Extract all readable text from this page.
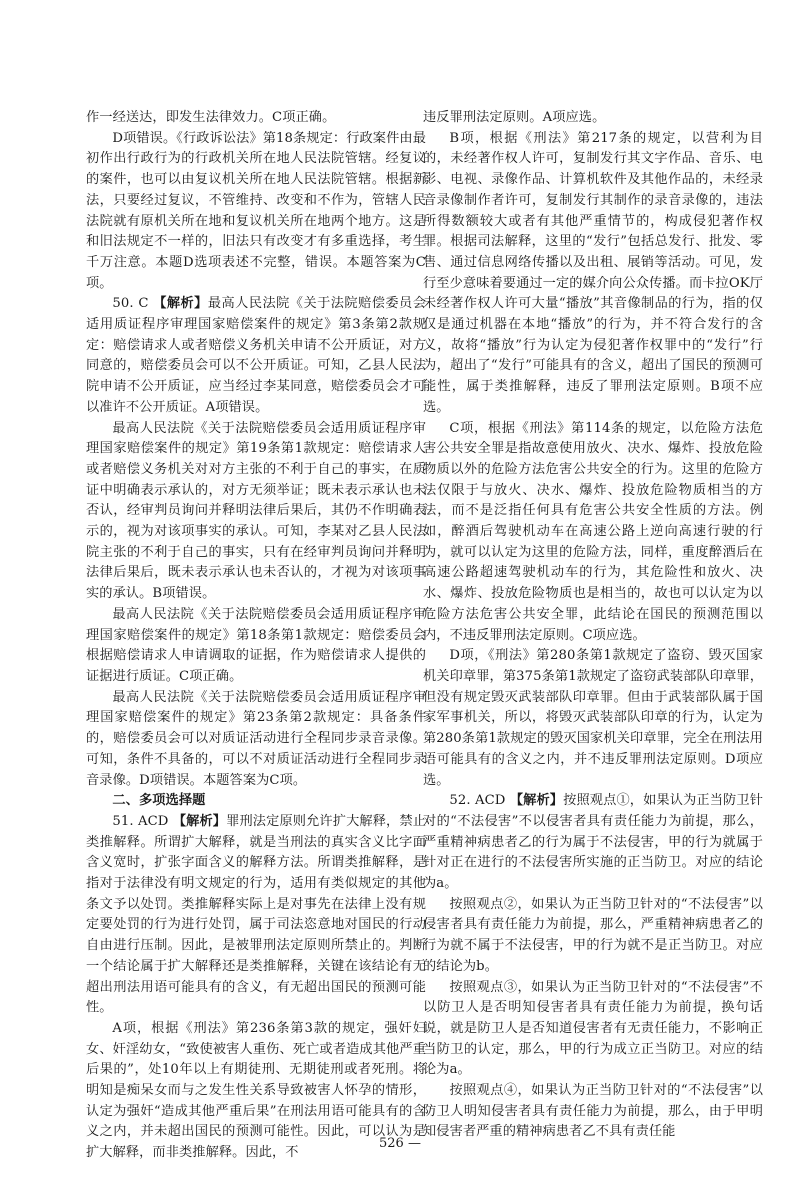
作一经送达，即发生法律效力。C项正确。

D项错误。《行政诉讼法》第18条规定：行政案件由最初作出行政行为的行政机关所在地人民法院管辖。经复议的案件，也可以由复议机关所在地人民法院管辖。根据新法，只要经过复议，不管维持、改变和不作为，管辖人民法院就有原机关所在地和复议机关所在地两个地方。这是和旧法规定不一样的，旧法只有改变才有多重选择，考生千万注意。本题D选项表述不完整，错误。本题答案为C项。

50. C 【解析】最高人民法院《关于法院赔偿委员会适用质证程序审理国家赔偿案件的规定》第3条第2款规定：赔偿请求人或者赔偿义务机关申请不公开质证，对方同意的，赔偿委员会可以不公开质证。可知，乙县人民法院申请不公开质证，应当经过李某同意，赔偿委员会才可以准许不公开质证。A项错误。

最高人民法院《关于法院赔偿委员会适用质证程序审理国家赔偿案件的规定》第19条第1款规定：赔偿请求人或者赔偿义务机关对对方主张的不利于自己的事实，在质证中明确表示承认的，对方无须举证；既未表示承认也未否认，经审判员询问并释明法律后果后，其仍不作明确表示的，视为对该项事实的承认。可知，李某对乙县人民法院主张的不利于自己的事实，只有在经审判员询问并释明法律后果后，既未表示承认也未否认的，才视为对该项事实的承认。B项错误。

最高人民法院《关于法院赔偿委员会适用质证程序审理国家赔偿案件的规定》第18条第1款规定：赔偿委员会根据赔偿请求人申请调取的证据，作为赔偿请求人提供的证据进行质证。C项正确。

最高人民法院《关于法院赔偿委员会适用质证程序审理国家赔偿案件的规定》第23条第2款规定：具备条件的，赔偿委员会可以对质证活动进行全程同步录音录像。可知，条件不具备的，可以不对质证活动进行全程同步录音录像。D项错误。本题答案为C项。

二、多项选择题

51. ACD 【解析】罪刑法定原则允许扩大解释，禁止类推解释。所谓扩大解释，就是当刑法的真实含义比字面含义宽时，扩张字面含义的解释方法。所谓类推解释，是指对于法律没有明文规定的行为，适用有类似规定的其他条文予以处罚。类推解释实际上是对事先在法律上没有规定要处罚的行为进行处罚，属于司法恣意地对国民的行动自由进行压制。因此，是被罪刑法定原则所禁止的。判断一个结论属于扩大解释还是类推解释，关键在该结论有无超出刑法用语可能具有的含义，有无超出国民的预测可能性。

A项，根据《刑法》第236条第3款的规定，强奸妇女、奸淫幼女，“致使被害人重伤、死亡或者造成其他严重后果的”，处10年以上有期徒刑、无期徒刑或者死刑。将明知是痴呆女而与之发生性关系导致被害人怀孕的情形，认定为强奸“造成其他严重后果”在刑法用语可能具有的含义之内，并未超出国民的预测可能性。因此，可以认为是扩大解释，而非类推解释。因此，不

违反罪刑法定原则。A项应选。

B项，根据《刑法》第217条的规定，以营利为目的，未经著作权人许可，复制发行其文字作品、音乐、电影、电视、录像作品、计算机软件及其他作品的，未经录音录像制作者许可，复制发行其制作的录音录像的，违法所得数额较大或者有其他严重情节的，构成侵犯著作权罪。根据司法解释，这里的“发行”包括总发行、批发、零售、通过信息网络传播以及出租、展销等活动。可见，发行至少意味着要通过一定的媒介向公众传播。而卡拉OK厅未经著作权人许可大量“播放”其音像制品的行为，指的仅仅是通过机器在本地“播放”的行为，并不符合发行的含义，故将“播放”行为认定为侵犯著作权罪中的“发行”行为，超出了“发行”可能具有的含义，超出了国民的预测可能性，属于类推解释，违反了罪刑法定原则。B项不应选。

C项，根据《刑法》第114条的规定，以危险方法危害公共安全罪是指故意使用放火、决水、爆炸、投放危险物质以外的危险方法危害公共安全的行为。这里的危险方法仅限于与放火、决水、爆炸、投放危险物质相当的方法，而不是泛指任何具有危害公共安全性质的方法。例如，醉酒后驾驶机动车在高速公路上逆向高速行驶的行为，就可以认定为这里的危险方法，同样，重度醉酒后在高速公路超速驾驶机动车的行为，其危险性和放火、决水、爆炸、投放危险物质也是相当的，故也可以认定为以危险方法危害公共安全罪，此结论在国民的预测范围以内，不违反罪刑法定原则。C项应选。

D项，《刑法》第280条第1款规定了盗窃、毁灭国家机关印章罪，第375条第1款规定了盗窃武装部队印章罪，但没有规定毁灭武装部队印章罪。但由于武装部队属于国家军事机关，所以，将毁灭武装部队印章的行为，认定为第280条第1款规定的毁灭国家机关印章罪，完全在刑法用语可能具有的含义之内，并不违反罪刑法定原则。D项应选。

52. ACD 【解析】按照观点①，如果认为正当防卫针对的“不法侵害”不以侵害者具有责任能力为前提，那么，严重精神病患者乙的行为属于不法侵害，甲的行为就属于针对正在进行的不法侵害所实施的正当防卫。对应的结论为a。

按照观点②，如果认为正当防卫针对的“不法侵害”以侵害者具有责任能力为前提，那么，严重精神病患者乙的行为就不属于不法侵害，甲的行为就不是正当防卫。对应的结论为b。

按照观点③，如果认为正当防卫针对的“不法侵害”不以防卫人是否明知侵害者具有责任能力为前提，换句话说，就是防卫人是否知道侵害者有无责任能力，不影响正当防卫的认定，那么，甲的行为成立正当防卫。对应的结论为a。

按照观点④，如果认为正当防卫针对的“不法侵害”以防卫人明知侵害者具有责任能力为前提，那么，由于甲明知侵害者严重的精神病患者乙不具有责任能

526 —
